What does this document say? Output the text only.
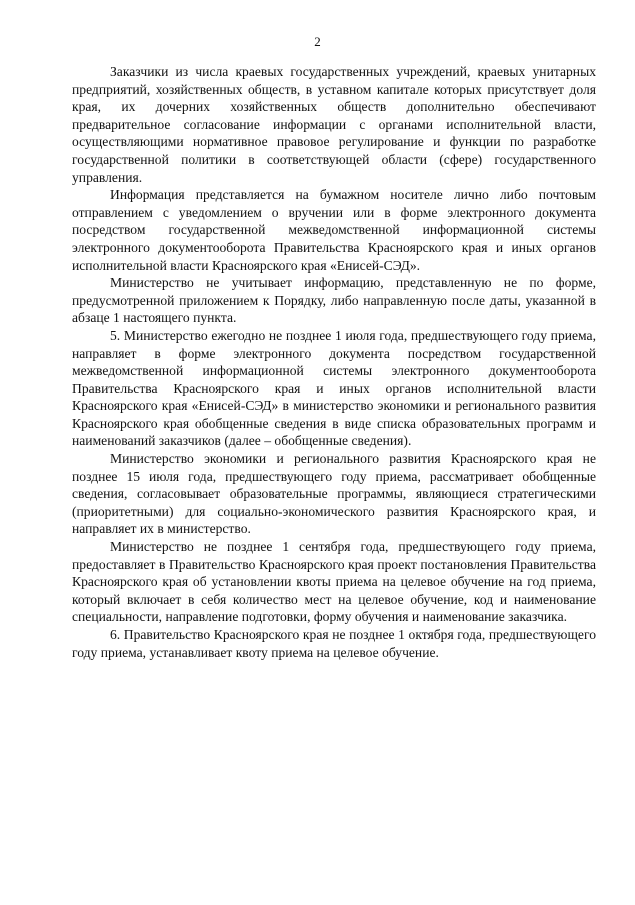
2

Заказчики из числа краевых государственных учреждений, краевых унитарных предприятий, хозяйственных обществ, в уставном капитале которых присутствует доля края, их дочерних хозяйственных обществ дополнительно обеспечивают предварительное согласование информации с органами исполнительной власти, осуществляющими нормативное правовое регулирование и функции по разработке государственной политики в соответствующей области (сфере) государственного управления.

Информация представляется на бумажном носителе лично либо почтовым отправлением с уведомлением о вручении или в форме электронного документа посредством государственной межведомственной информационной системы электронного документооборота Правительства Красноярского края и иных органов исполнительной власти Красноярского края «Енисей-СЭД».

Министерство не учитывает информацию, представленную не по форме, предусмотренной приложением к Порядку, либо направленную после даты, указанной в абзаце 1 настоящего пункта.

5. Министерство ежегодно не позднее 1 июля года, предшествующего году приема, направляет в форме электронного документа посредством государственной межведомственной информационной системы электронного документооборота Правительства Красноярского края и иных органов исполнительной власти Красноярского края «Енисей-СЭД» в министерство экономики и регионального развития Красноярского края обобщенные сведения в виде списка образовательных программ и наименований заказчиков (далее – обобщенные сведения).

Министерство экономики и регионального развития Красноярского края не позднее 15 июля года, предшествующего году приема, рассматривает обобщенные сведения, согласовывает образовательные программы, являющиеся стратегическими (приоритетными) для социально-экономического развития Красноярского края, и направляет их в министерство.

Министерство не позднее 1 сентября года, предшествующего году приема, предоставляет в Правительство Красноярского края проект постановления Правительства Красноярского края об установлении квоты приема на целевое обучение на год приема, который включает в себя количество мест на целевое обучение, код и наименование специальности, направление подготовки, форму обучения и наименование заказчика.

6. Правительство Красноярского края не позднее 1 октября года, предшествующего году приема, устанавливает квоту приема на целевое обучение.
